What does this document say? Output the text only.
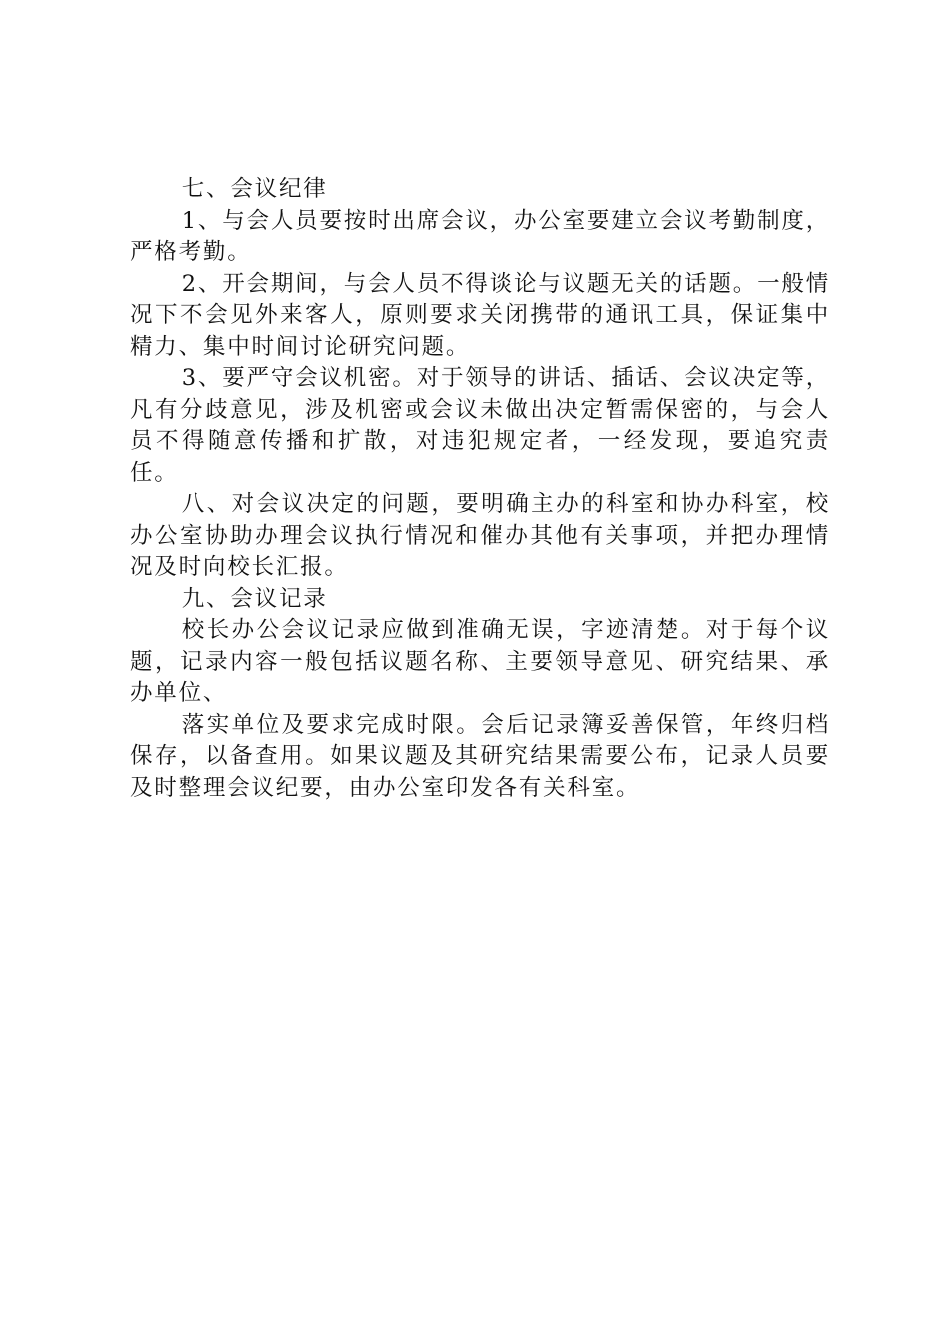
七、会议纪律

1、与会人员要按时出席会议，办公室要建立会议考勤制度，严格考勤。

2、开会期间，与会人员不得谈论与议题无关的话题。一般情况下不会见外来客人，原则要求关闭携带的通讯工具，保证集中精力、集中时间讨论研究问题。

3、要严守会议机密。对于领导的讲话、插话、会议决定等，凡有分歧意见，涉及机密或会议未做出决定暂需保密的，与会人员不得随意传播和扩散，对违犯规定者，一经发现，要追究责任。

八、对会议决定的问题，要明确主办的科室和协办科室，校办公室协助办理会议执行情况和催办其他有关事项，并把办理情况及时向校长汇报。

九、会议记录

校长办公会议记录应做到准确无误，字迹清楚。对于每个议题，记录内容一般包括议题名称、主要领导意见、研究结果、承办单位、

落实单位及要求完成时限。会后记录簿妥善保管，年终归档保存，以备查用。如果议题及其研究结果需要公布，记录人员要及时整理会议纪要，由办公室印发各有关科室。
